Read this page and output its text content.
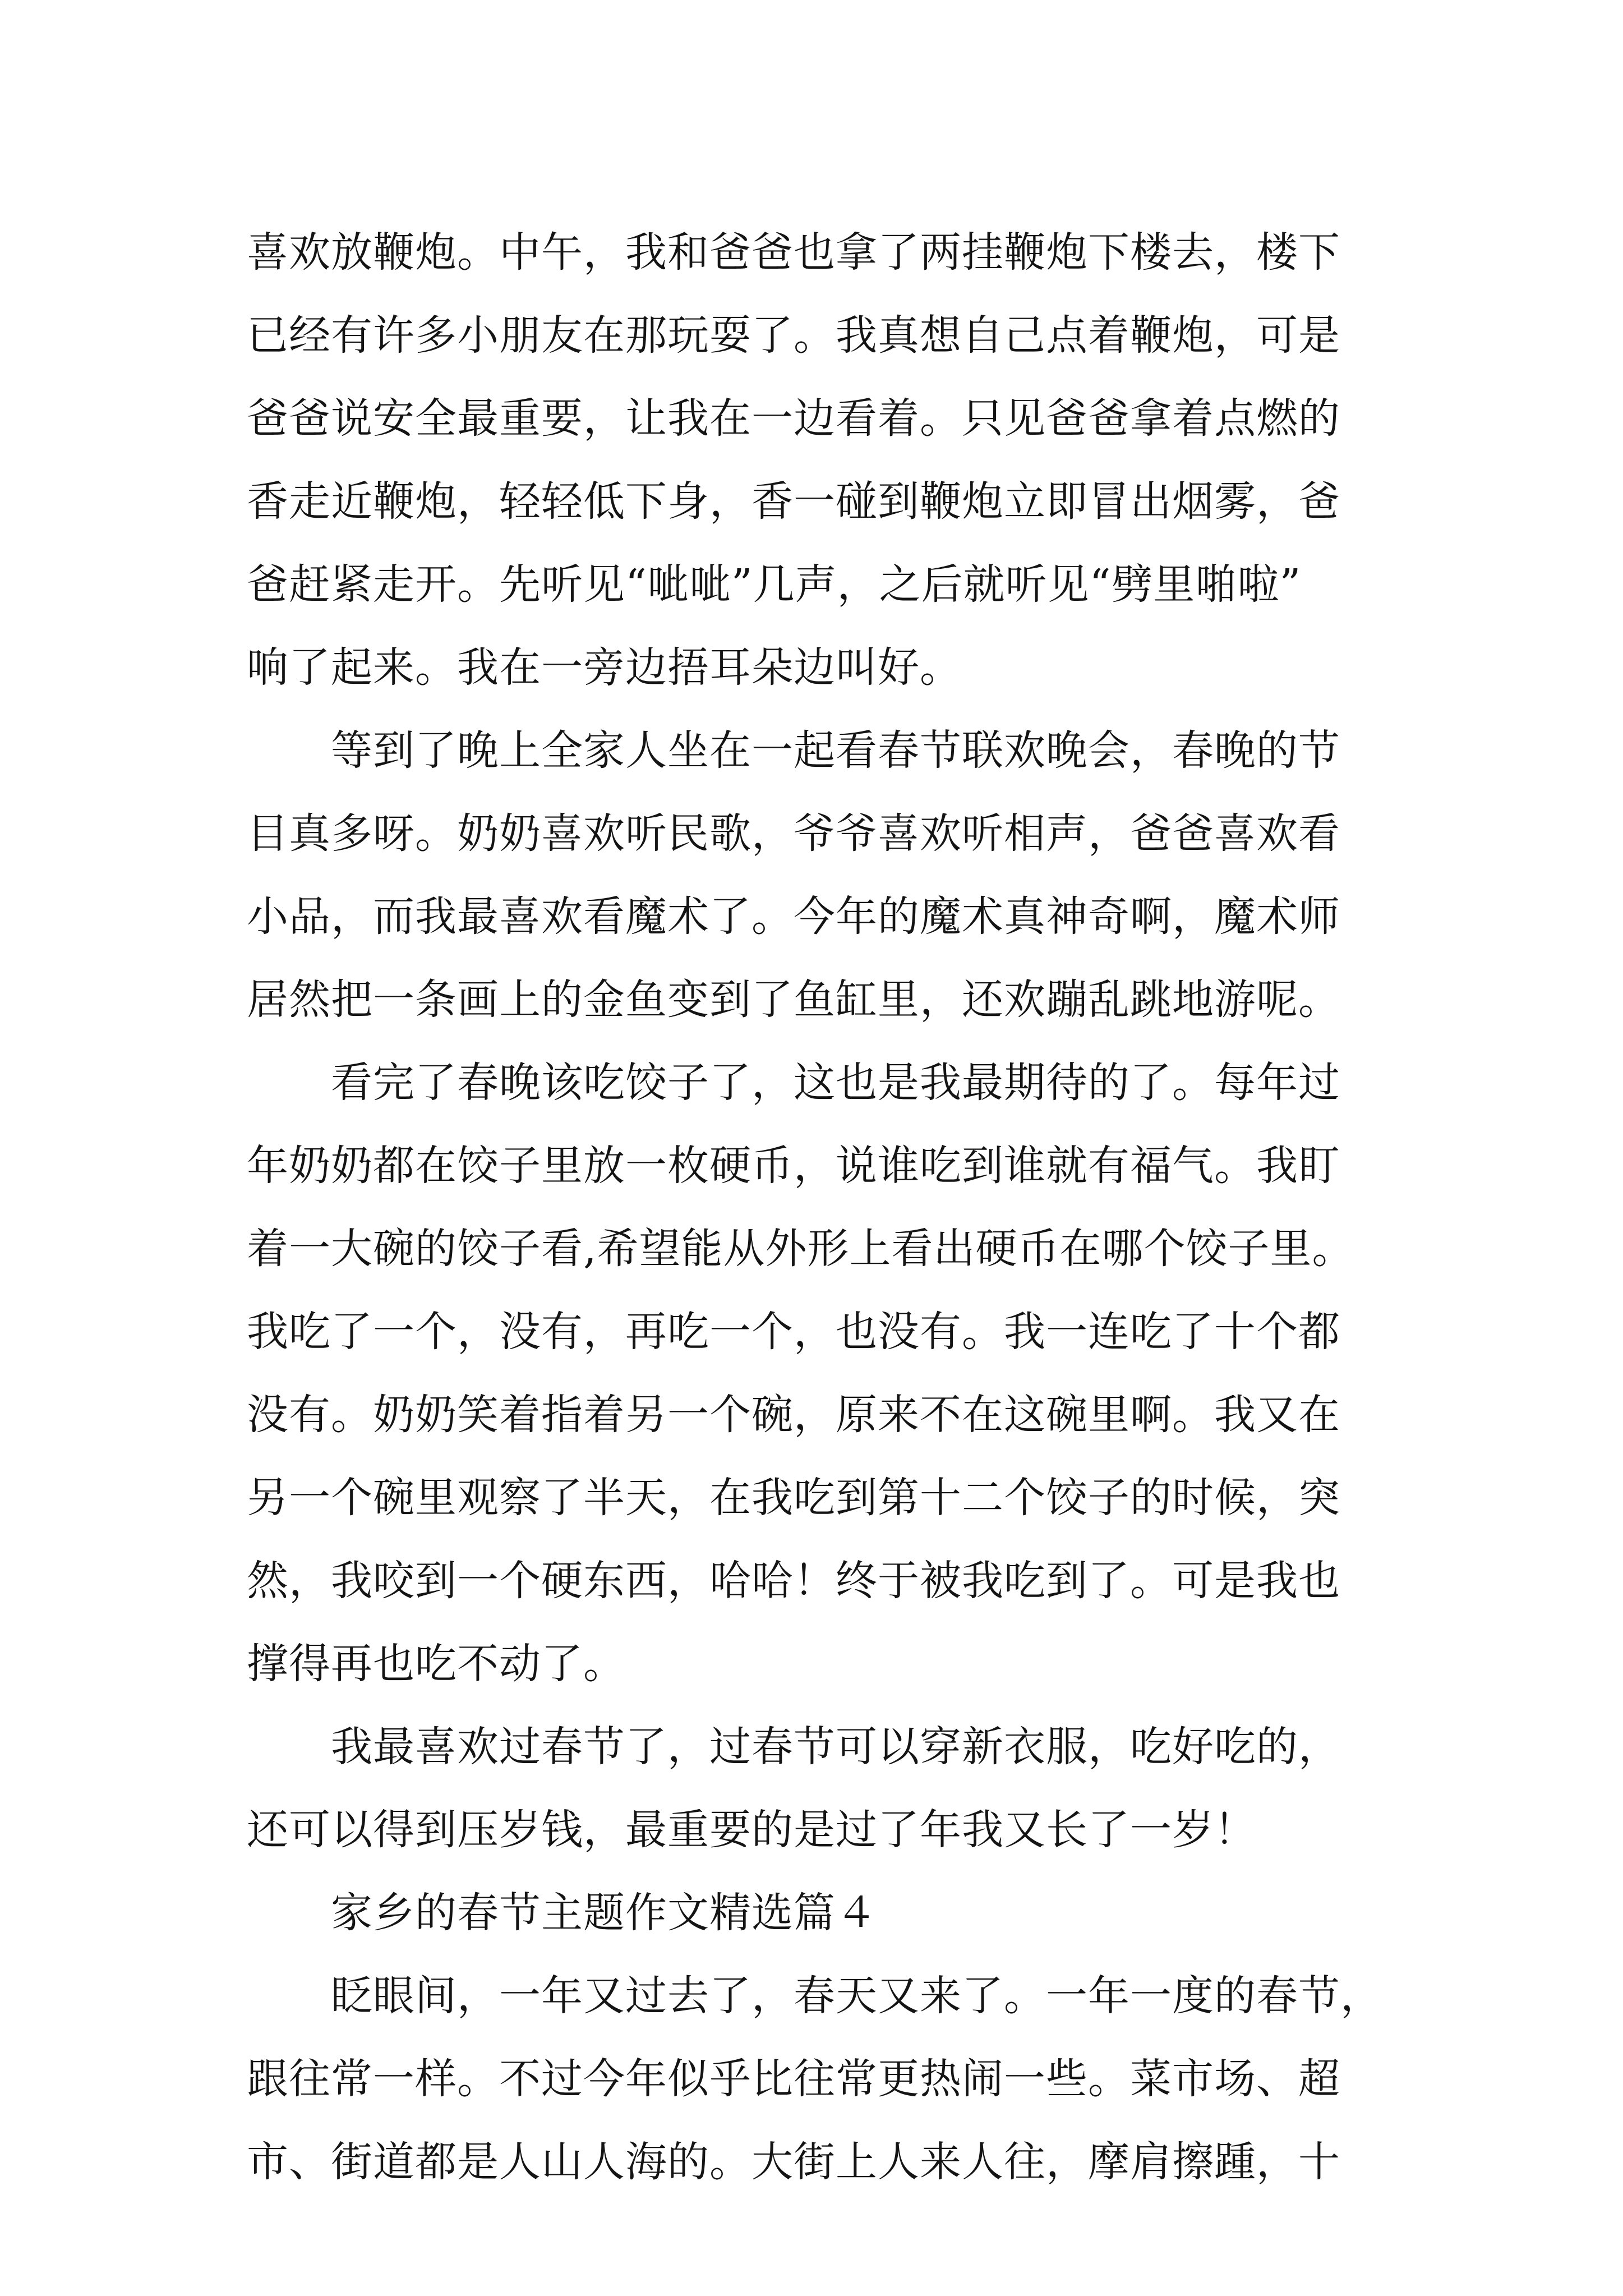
喜欢放鞭炮。中午，我和爸爸也拿了两挂鞭炮下楼去，楼下
已经有许多小朋友在那玩耍了。我真想自己点着鞭炮，可是
爸爸说安全最重要，让我在一边看着。只见爸爸拿着点燃的
香走近鞭炮，轻轻低下身，香一碰到鞭炮立即冒出烟雾，爸
爸赶紧走开。先听见“呲呲”几声，之后就听见“劈里啪啦”
响了起来。我在一旁边捂耳朵边叫好。
等到了晚上全家人坐在一起看春节联欢晚会，春晚的节
目真多呀。奶奶喜欢听民歌，爷爷喜欢听相声，爸爸喜欢看
小品，而我最喜欢看魔术了。今年的魔术真神奇啊，魔术师
居然把一条画上的金鱼变到了鱼缸里，还欢蹦乱跳地游呢。
看完了春晚该吃饺子了，这也是我最期待的了。每年过
年奶奶都在饺子里放一枚硬币，说谁吃到谁就有福气。我盯
着一大碗的饺子看,希望能从外形上看出硬币在哪个饺子里。
我吃了一个，没有，再吃一个，也没有。我一连吃了十个都
没有。奶奶笑着指着另一个碗，原来不在这碗里啊。我又在
另一个碗里观察了半天，在我吃到第十二个饺子的时候，突
然，我咬到一个硬东西，哈哈！终于被我吃到了。可是我也
撑得再也吃不动了。
我最喜欢过春节了，过春节可以穿新衣服，吃好吃的，
还可以得到压岁钱，最重要的是过了年我又长了一岁！
家乡的春节主题作文精选篇４
眨眼间，一年又过去了，春天又来了。一年一度的春节，
跟往常一样。不过今年似乎比往常更热闹一些。菜市场、超
市、街道都是人山人海的。大街上人来人往，摩肩擦踵，十
